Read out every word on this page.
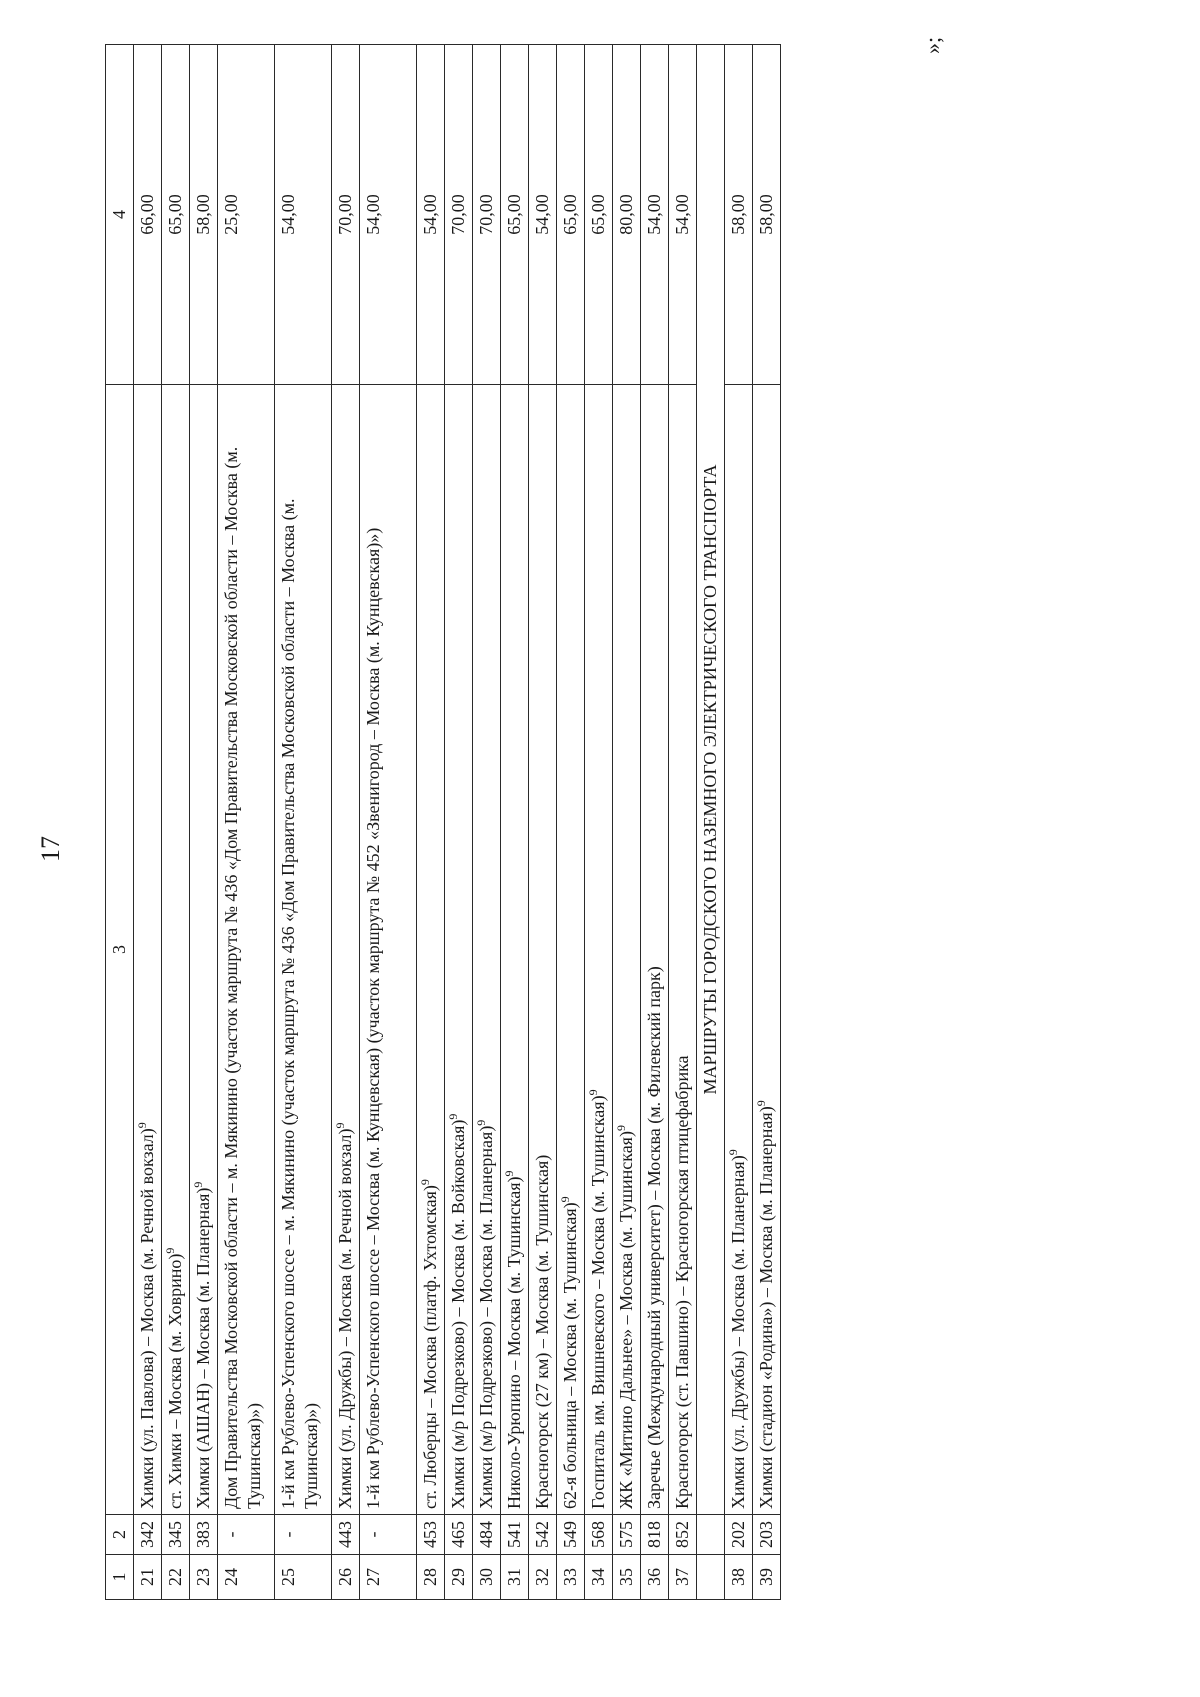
17
»;
1	2	3	4
21	342	Химки (ул. Павлова) – Москва (м. Речной вокзал)$^9$	66,00
22	345	ст. Химки – Москва (м. Ховрино)$^9$	65,00
23	383	Химки (АШАН) – Москва (м. Планерная)$^9$	58,00
24	-	Дом Правительства Московской области – м. Мякинино (участок маршрута № 436 «Дом Правительства Московской области – Москва (м. Тушинская)»)	25,00
25	-	1-й км Рублево-Успенского шоссе – м. Мякинино (участок маршрута № 436 «Дом Правительства Московской области – Москва (м. Тушинская)»)	54,00
26	443	Химки (ул. Дружбы) – Москва (м. Речной вокзал)$^9$	70,00
27	-	1-й км Рублево-Успенского шоссе – Москва (м. Кунцевская) (участок маршрута № 452 «Звенигород – Москва (м. Кунцевская)»)	54,00
28	453	ст. Люберцы – Москва (платф. Ухтомская)$^9$	54,00
29	465	Химки (м/р Подрезково) – Москва (м. Войковская)$^9$	70,00
30	484	Химки (м/р Подрезково) – Москва (м. Планерная)$^9$	70,00
31	541	Николо-Урюпино – Москва (м. Тушинская)$^9$	65,00
32	542	Красногорск (27 км) – Москва (м. Тушинская)	54,00
33	549	62-я больница – Москва (м. Тушинская)$^9$	65,00
34	568	Госпиталь им. Вишневского – Москва (м. Тушинская)$^9$	65,00
35	575	ЖК «Митино Дальнее» – Москва (м. Тушинская)$^9$	80,00
36	818	Заречье (Международный университет) – Москва (м. Филевский парк)	54,00
37	852	Красногорск (ст. Павшино) – Красногорская птицефабрика	54,00
		МАРШРУТЫ ГОРОДСКОГО НАЗЕМНОГО ЭЛЕКТРИЧЕСКОГО ТРАНСПОРТА	
38	202	Химки (ул. Дружбы) – Москва (м. Планерная)$^9$	58,00
39	203	Химки (стадион «Родина») – Москва (м. Планерная)$^9$	58,00
